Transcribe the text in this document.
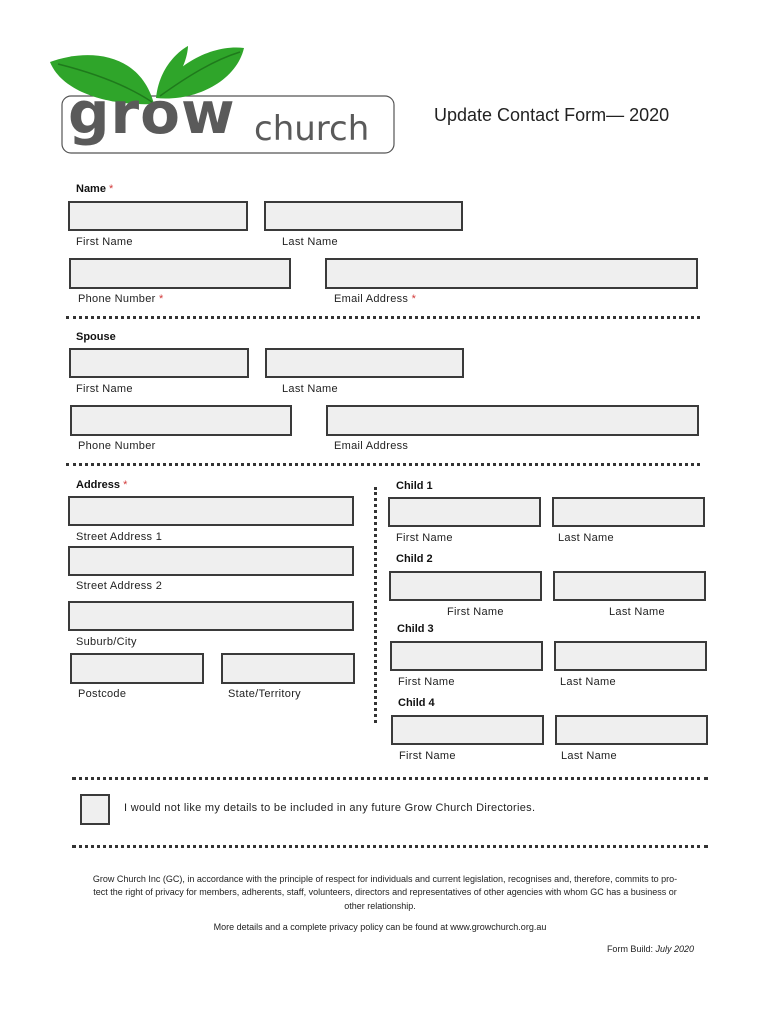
grow church	Update Contact Form— 2020
Name *
First Name	Last Name
Phone Number *	Email Address *
Spouse
First Name	Last Name
Phone Number	Email Address
Address *
Street Address 1
Street Address 2
Suburb/City
Postcode	State/Territory
Child 1
First Name	Last Name
Child 2
First Name	Last Name
Child 3
First Name	Last Name
Child 4
First Name	Last Name
I would not like my details to be included in any future Grow Church Directories.
Grow Church Inc (GC), in accordance with the principle of respect for individuals and current legislation, recognises and, therefore, commits to pro-
tect the right of privacy for members, adherents, staff, volunteers, directors and representatives of other agencies with whom GC has a business or
other relationship.
More details and a complete privacy policy can be found at www.growchurch.org.au
Form Build: July 2020
